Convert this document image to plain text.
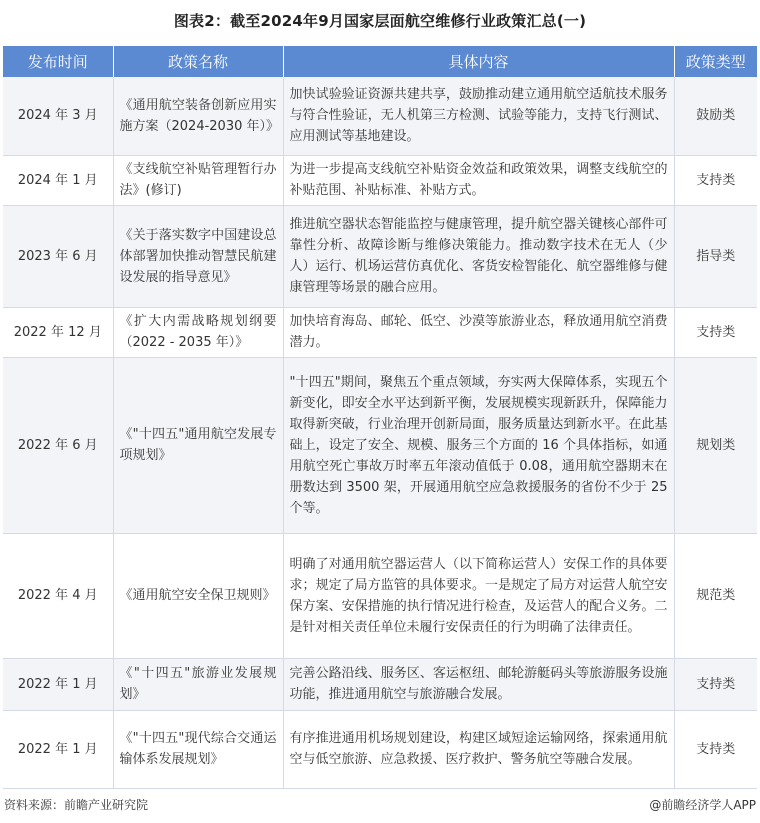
图表2：截至2024年9月国家层面航空维修行业政策汇总(一)
发布时间	政策名称	具体内容	政策类型
2024 年 3 月	《通用航空装备创新应用实施方案（2024-2030 年）》	加快试验验证资源共建共享，鼓励推动建立通用航空适航技术服务与符合性验证，无人机第三方检测、试验等能力，支持飞行测试、应用测试等基地建设。	鼓励类
2024 年 1 月	《支线航空补贴管理暂行办法》(修订)	为进一步提高支线航空补贴资金效益和政策效果，调整支线航空的补贴范围、补贴标准、补贴方式。	支持类
2023 年 6 月	《关于落实数字中国建设总体部署加快推动智慧民航建设发展的指导意见》	推进航空器状态智能监控与健康管理，提升航空器关键核心部件可靠性分析、故障诊断与维修决策能力。推动数字技术在无人（少人）运行、机场运营仿真优化、客货安检智能化、航空器维修与健康管理等场景的融合应用。	指导类
2022 年 12 月	《扩大内需战略规划纲要（2022 - 2035 年）》	加快培育海岛、邮轮、低空、沙漠等旅游业态，释放通用航空消费潜力。	支持类
2022 年 6 月	《"十四五"通用航空发展专项规划》	"十四五"期间，聚焦五个重点领域，夯实两大保障体系，实现五个新变化，即安全水平达到新平衡，发展规模实现新跃升，保障能力取得新突破，行业治理开创新局面，服务质量达到新水平。在此基础上，设定了安全、规模、服务三个方面的 16 个具体指标，如通用航空死亡事故万时率五年滚动值低于 0.08，通用航空器期末在册数达到 3500 架，开展通用航空应急救援服务的省份不少于 25 个等。	规划类
2022 年 4 月	《通用航空安全保卫规则》	明确了对通用航空器运营人（以下简称运营人）安保工作的具体要求；规定了局方监管的具体要求。一是规定了局方对运营人航空安保方案、安保措施的执行情况进行检查，及运营人的配合义务。二是针对相关责任单位未履行安保责任的行为明确了法律责任。	规范类
2022 年 1 月	《"十四五"旅游业发展规划》	完善公路沿线、服务区、客运枢纽、邮轮游艇码头等旅游服务设施功能，推进通用航空与旅游融合发展。	支持类
2022 年 1 月	《"十四五"现代综合交通运输体系发展规划》	有序推进通用机场规划建设，构建区域短途运输网络，探索通用航空与低空旅游、应急救援、医疗救护、警务航空等融合发展。	支持类
资料来源：前瞻产业研究院	@前瞻经济学人APP
